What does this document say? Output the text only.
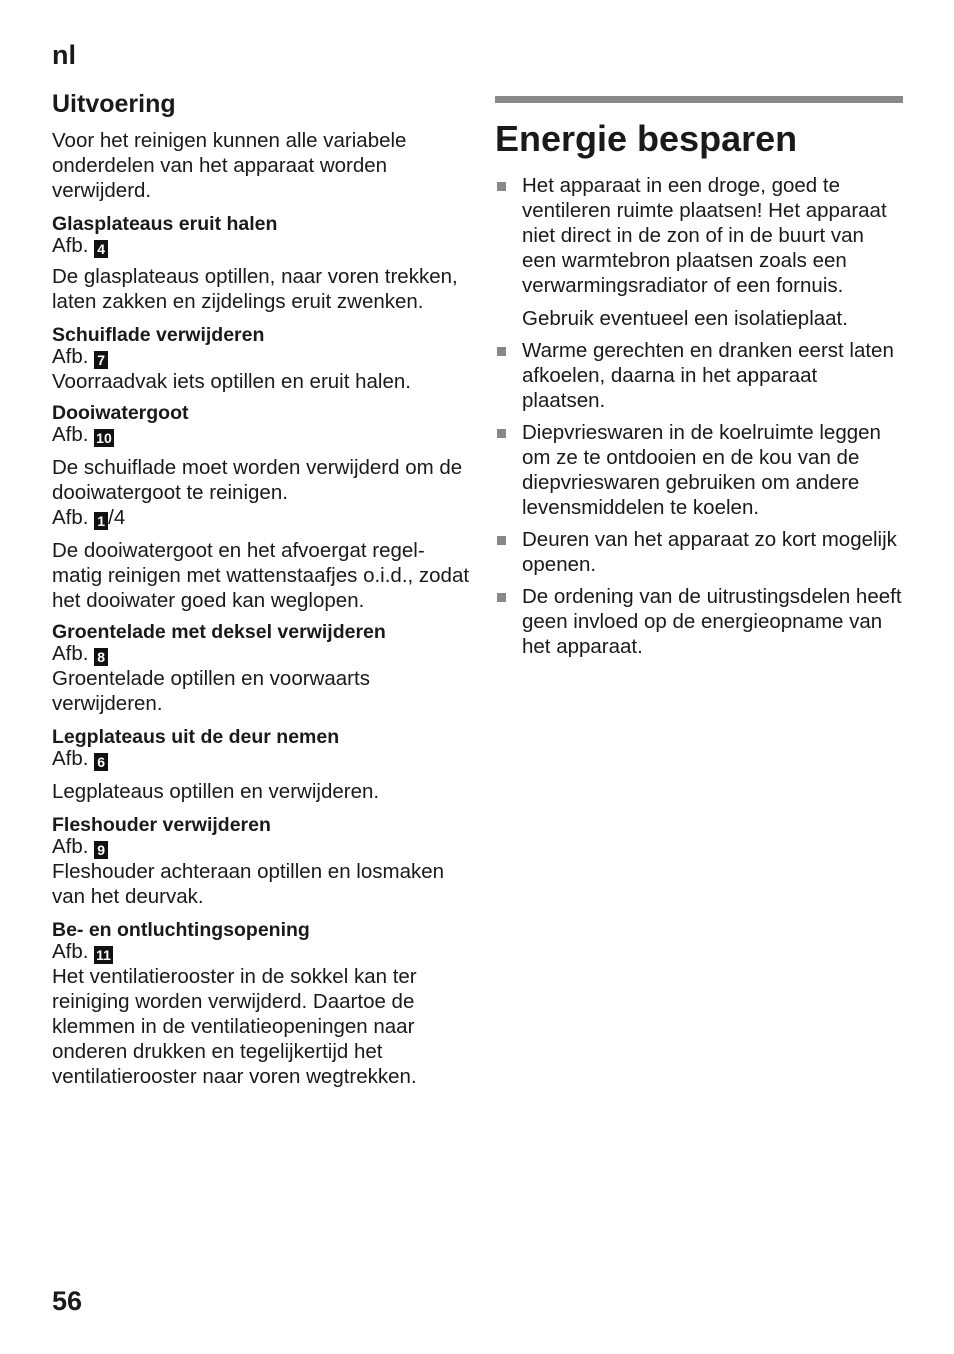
nl
Uitvoering

Voor het reinigen kunnen alle variabele onderdelen van het apparaat worden verwijderd.

Glasplateaus eruit halen
Afb. 4

De glasplateaus optillen, naar voren trekken, laten zakken en zijdelings eruit zwenken.

Schuiflade verwijderen
Afb. 7

Voorraadvak iets optillen en eruit halen.

Dooiwatergoot
Afb. 10

De schuiflade moet worden verwijderd om de dooiwatergoot te reinigen.

Afb. 1 /4

De dooiwatergoot en het afvoergat regel-matig reinigen met wattenstaafjes o.i.d., zodat het dooiwater goed kan weglopen.

Groentelade met deksel verwijderen
Afb. 8

Groentelade optillen en voorwaarts verwijderen.

Legplateaus uit de deur nemen
Afb. 6

Legplateaus optillen en verwijderen.

Fleshouder verwijderen
Afb. 9

Fleshouder achteraan optillen en losmaken van het deurvak.

Be- en ontluchtingsopening
Afb. 11

Het ventilatierooster in de sokkel kan ter reiniging worden verwijderd. Daartoe de klemmen in de ventilatieopeningen naar onderen drukken en tegelijkertijd het ventilatierooster naar voren wegtrekken.

Energie besparen
Het apparaat in een droge, goed te ventileren ruimte plaatsen! Het apparaat niet direct in de zon of in de buurt van een warmtebron plaatsen zoals een verwarmingsradiator of een fornuis.
Gebruik eventueel een isolatieplaat.
Warme gerechten en dranken eerst laten afkoelen, daarna in het apparaat plaatsen.
Diepvrieswaren in de koelruimte leggen om ze te ontdooien en de kou van de diepvrieswaren gebruiken om andere levensmiddelen te koelen.
Deuren van het apparaat zo kort mogelijk openen.
De ordening van de uitrustingsdelen heeft geen invloed op de energieopname van het apparaat.
56
